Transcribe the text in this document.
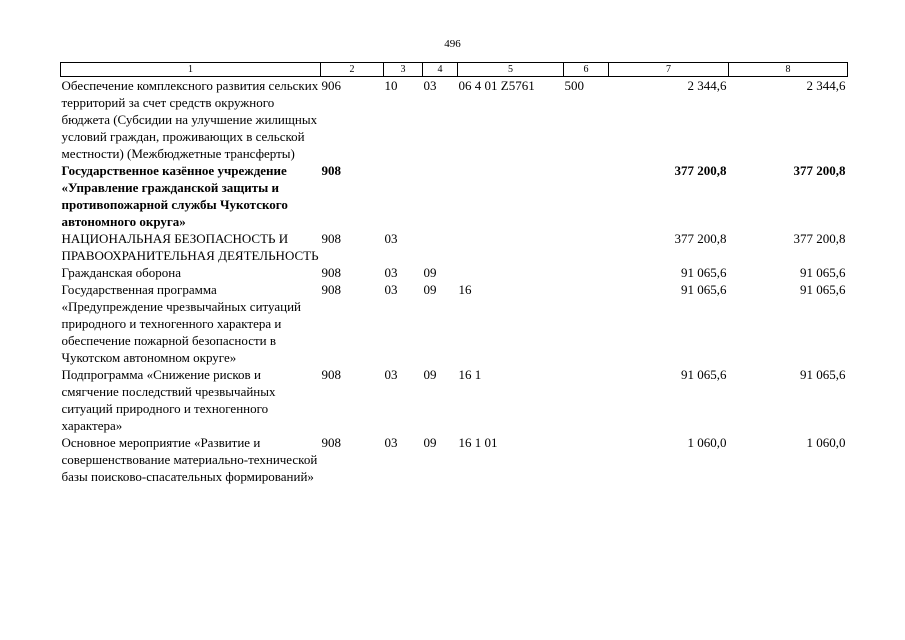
496
1	2	3	4	5	6	7	8
Обеспечение комплексного развития сельских территорий за счет средств окружного бюджета (Субсидии на улучшение жилищных условий граждан, проживающих в сельской местности) (Межбюджетные трансферты)	906	10	03	06 4 01 Z5761	500	2 344,6	2 344,6
Государственное казённое учреждение «Управление гражданской защиты и противопожарной службы Чукотского автономного округа»	908					377 200,8	377 200,8
НАЦИОНАЛЬНАЯ БЕЗОПАСНОСТЬ И ПРАВООХРАНИТЕЛЬНАЯ ДЕЯТЕЛЬНОСТЬ	908	03				377 200,8	377 200,8
Гражданская оборона	908	03	09			91 065,6	91 065,6
Государственная программа «Предупреждение чрезвычайных ситуаций природного и техногенного характера и обеспечение пожарной безопасности в Чукотском автономном округе»	908	03	09	16		91 065,6	91 065,6
Подпрограмма «Снижение рисков и смягчение последствий чрезвычайных ситуаций природного и техногенного характера»	908	03	09	16 1		91 065,6	91 065,6
Основное мероприятие «Развитие и совершенствование материально-технической базы поисково-спасательных формирований»	908	03	09	16 1 01		1 060,0	1 060,0
